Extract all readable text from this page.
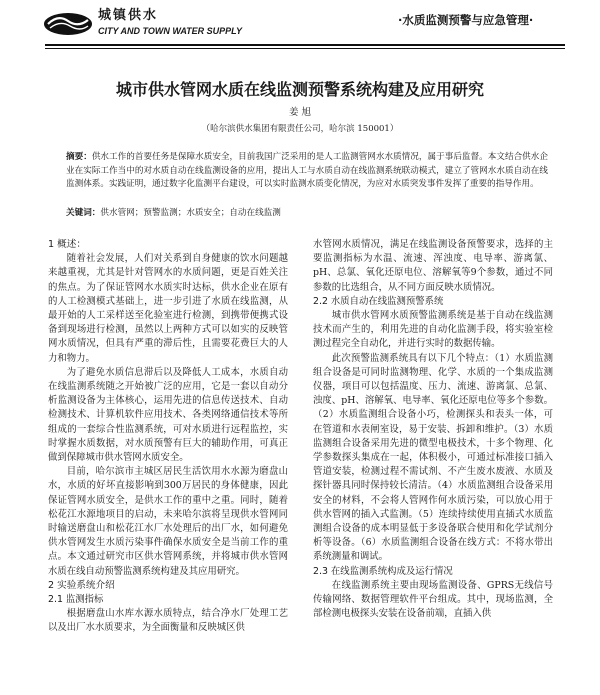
城镇供水
CITY AND TOWN WATER SUPPLY
·水质监测预警与应急管理·
城市供水管网水质在线监测预警系统构建及应用研究
姜 旭
（哈尔滨供水集团有限责任公司，哈尔滨 150001）

摘要：供水工作的首要任务是保障水质安全，目前我国广泛采用的是人工监测管网水水质情况，属于事后监督。本文结合供水企业在实际工作当中的对水质自动在线监测设备的应用，提出人工与水质自动在线监测系统联动模式，建立了管网水水质自动在线监测体系。实践证明，通过数字化监测平台建设，可以实时监测水质变化情况，为应对水质突发事件发挥了重要的指导作用。

关键词：供水管网；预警监测；水质安全；自动在线监测
1 概述：

随着社会发展，人们对关系到自身健康的饮水问题越来越重视，尤其是针对管网水的水质问题，更是百姓关注的焦点。为了保证管网水水质实时达标，供水企业在原有的人工检测模式基础上，进一步引进了水质在线监测，从最开始的人工采样送至化验室进行检测，到携带便携式设备到现场进行检测，虽然以上两种方式可以如实的反映管网水质情况，但具有严重的滞后性，且需要花费巨大的人力和物力。

为了避免水质信息滞后以及降低人工成本，水质自动在线监测系统随之开始被广泛的应用，它是一套以自动分析监测设备为主体核心，运用先进的信息传送技术、自动检测技术、计算机软件应用技术、各类网络通信技术等所组成的一套综合性监测系统，可对水质进行远程监控，实时掌握水质数据，对水质预警有巨大的辅助作用，可真正做到保障城市供水管网水质安全。

目前，哈尔滨市主城区居民生活饮用水水源为磨盘山水，水质的好坏直接影响到300万居民的身体健康，因此保证管网水质安全，是供水工作的重中之重。同时，随着松花江水源地项目的启动，未来哈尔滨将呈现供水管网同时输送磨盘山和松花江水厂水处理后的出厂水，如何避免供水管网发生水质污染事件确保水质安全是当前工作的重点。本文通过研究市区供水管网系统，并将城市供水管网水质在线自动预警监测系统构建及其应用研究。

2 实验系统介绍
2.1 监测指标

根据磨盘山水库水源水质特点，结合净水厂处理工艺以及出厂水水质要求，为全面衡量和反映城区供

水管网水质情况，满足在线监测设备预警要求，选择的主要监测指标为水温、流速、浑浊度、电导率、游离氯、pH、总氯、氧化还原电位、溶解氧等9个参数，通过不同参数的比选组合，从不同方面反映水质情况。

2.2 水质自动在线监测预警系统

城市供水管网水质预警监测系统是基于自动在线监测技术而产生的，利用先进的自动化监测手段，将实验室检测过程完全自动化，并进行实时的数据传输。

此次预警监测系统具有以下几个特点：（1）水质监测组合设备是可同时监测物理、化学、水质的一个集成监测仪器，项目可以包括温度、压力、流速、游离氯、总氯、浊度、pH、溶解氧、电导率、氧化还原电位等多个参数。（2）水质监测组合设备小巧，检测探头和表头一体，可在管道和水表闸室设，易于安装、拆卸和维护。（3）水质监测组合设备采用先进的微型电极技术，十多个物理、化学参数探头集成在一起，体积极小，可通过标准接口插入管道安装，检测过程不需试剂、不产生废水废液、水质及探针器具同时保持较长清洁。（4）水质监测组合设备采用安全的材料，不会将人管网作何水质污染，可以放心用于供水管网的插入式监测。（5）连续持续使用直插式水质监测组合设备的成本明显低于多设备联合使用和化学试剂分析等设备。（6）水质监测组合设备在线方式：不将水带出系统测量和调试。

2.3 在线监测系统构成及运行情况

在线监测系统主要由现场监测设备、GPRS无线信号传输网络、数据管理软件平台组成。其中，现场监测，全部检测电极探头安装在设备前端，直插入供
